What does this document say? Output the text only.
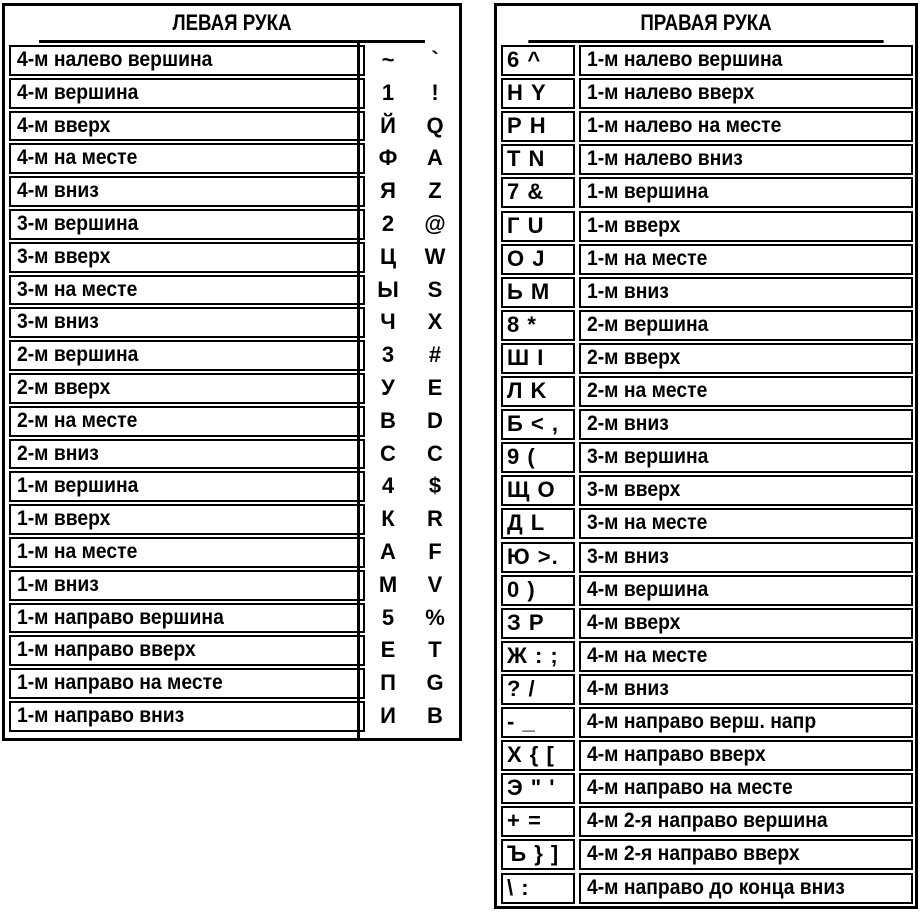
ЛЕВАЯ РУКА
4-м налево вершина	~	`
4-м вершина	1	!
4-м вверх	Й	Q
4-м на месте	Ф	A
4-м вниз	Я	Z
3-м вершина	2	@
3-м вверх	Ц	W
3-м на месте	Ы	S
3-м вниз	Ч	X
2-м вершина	3	#
2-м вверх	У	E
2-м на месте	В	D
2-м вниз	С	C
1-м вершина	4	$
1-м вверх	К	R
1-м на месте	А	F
1-м вниз	М	V
1-м направо вершина	5	%
1-м направо вверх	Е	T
1-м направо на месте	П	G
1-м направо вниз	И	B
ПРАВАЯ РУКА
6 ^	1-м налево вершина
Н Y	1-м налево вверх
Р H	1-м налево на месте
Т N	1-м налево вниз
7 &	1-м вершина
Г U	1-м вверх
О J	1-м на месте
Ь M	1-м вниз
8 *	2-м вершина
Ш I	2-м вверх
Л K	2-м на месте
Б < ,	2-м вниз
9 (	3-м вершина
Щ O	3-м вверх
Д L	3-м на месте
Ю >.	3-м вниз
0 )	4-м вершина
З P	4-м вверх
Ж : ;	4-м на месте
? /	4-м вниз
- _	4-м направо верш. напр
Х { [	4-м направо вверх
Э " '	4-м направо на месте
+ =	4-м 2-я направо вершина
Ъ } ]	4-м 2-я направо вверх
\ :	4-м направо до конца вниз
